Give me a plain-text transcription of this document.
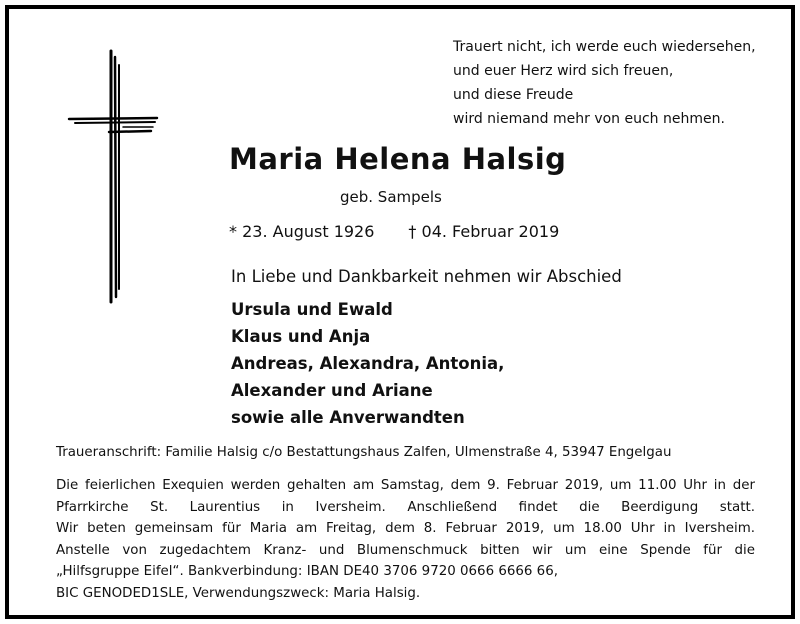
Trauert nicht, ich werde euch wiedersehen,
und euer Herz wird sich freuen,
und diese Freude
wird niemand mehr von euch nehmen.
Maria Helena Halsig
geb. Sampels
* 23. August 1926 † 04. Februar 2019
In Liebe und Dankbarkeit nehmen wir Abschied
Ursula und Ewald
Klaus und Anja
Andreas, Alexandra, Antonia,
Alexander und Ariane
sowie alle Anverwandten
Traueranschrift: Familie Halsig c/o Bestattungshaus Zalfen, Ulmenstraße 4, 53947 Engelgau
Die feierlichen Exequien werden gehalten am Samstag, dem 9. Februar 2019, um 11.00 Uhr in der
Pfarrkirche St. Laurentius in Iversheim. Anschließend findet die Beerdigung statt.
Wir beten gemeinsam für Maria am Freitag, dem 8. Februar 2019, um 18.00 Uhr in Iversheim.
Anstelle von zugedachtem Kranz- und Blumenschmuck bitten wir um eine Spende für die
„Hilfsgruppe Eifel“. Bankverbindung: IBAN DE40 3706 9720 0666 6666 66,
BIC GENODED1SLE, Verwendungszweck: Maria Halsig.
